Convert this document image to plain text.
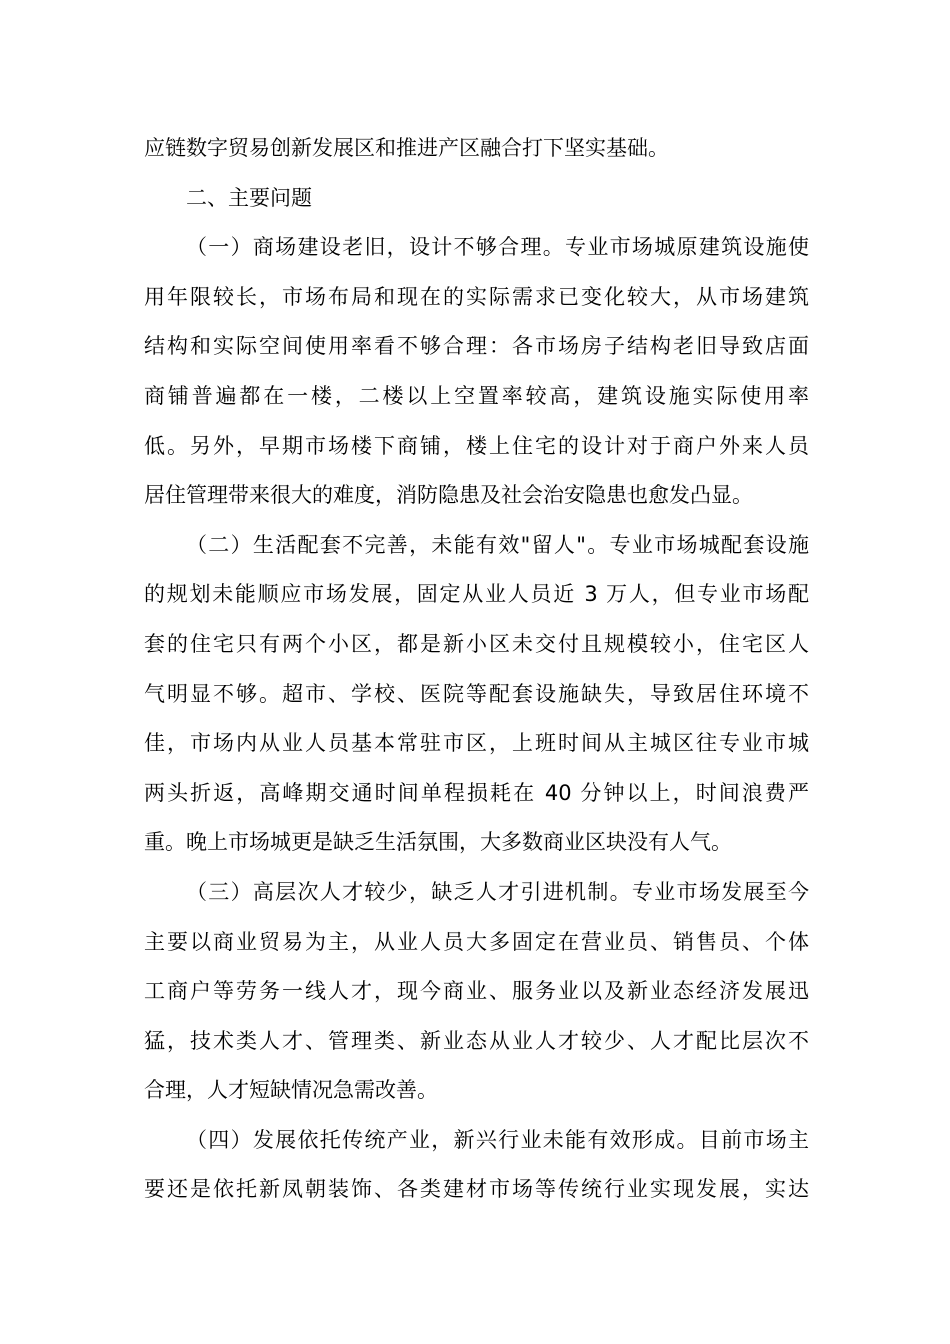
应链数字贸易创新发展区和推进产区融合打下坚实基础。
二、主要问题
（一）商场建设老旧，设计不够合理。专业市场城原建筑设施使
用年限较长，市场布局和现在的实际需求已变化较大，从市场建筑
结构和实际空间使用率看不够合理：各市场房子结构老旧导致店面
商铺普遍都在一楼，二楼以上空置率较高，建筑设施实际使用率
低。另外，早期市场楼下商铺，楼上住宅的设计对于商户外来人员
居住管理带来很大的难度，消防隐患及社会治安隐患也愈发凸显。
（二）生活配套不完善，未能有效"留人"。专业市场城配套设施
的规划未能顺应市场发展，固定从业人员近 3 万人，但专业市场配
套的住宅只有两个小区，都是新小区未交付且规模较小，住宅区人
气明显不够。超市、学校、医院等配套设施缺失，导致居住环境不
佳，市场内从业人员基本常驻市区，上班时间从主城区往专业市城
两头折返，高峰期交通时间单程损耗在 40 分钟以上，时间浪费严
重。晚上市场城更是缺乏生活氛围，大多数商业区块没有人气。
（三）高层次人才较少，缺乏人才引进机制。专业市场发展至今
主要以商业贸易为主，从业人员大多固定在营业员、销售员、个体
工商户等劳务一线人才，现今商业、服务业以及新业态经济发展迅
猛，技术类人才、管理类、新业态从业人才较少、人才配比层次不
合理，人才短缺情况急需改善。
（四）发展依托传统产业，新兴行业未能有效形成。目前市场主
要还是依托新凤朝装饰、各类建材市场等传统行业实现发展，实达
